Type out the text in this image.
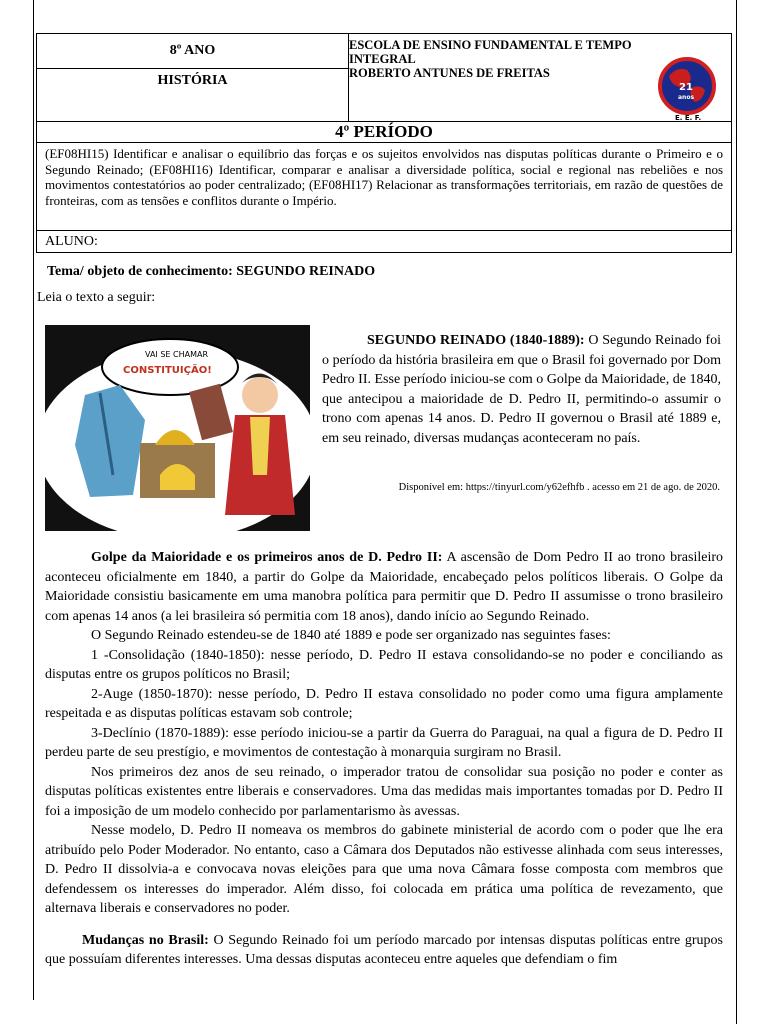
8º ANO
HISTÓRIA

ESCOLA DE ENSINO FUNDAMENTAL E TEMPO INTEGRAL
ROBERTO ANTUNES DE FREITAS
21
anos
E. E. F.

4º PERÍODO
(EF08HI15) Identificar e analisar o equilíbrio das forças e os sujeitos envolvidos nas disputas políticas durante o Primeiro e o Segundo Reinado; (EF08HI16) Identificar, comparar e analisar a diversidade política, social e regional nas rebeliões e nos movimentos contestatórios ao poder centralizado; (EF08HI17) Relacionar as transformações territoriais, em razão de questões de fronteiras, com as tensões e conflitos durante o Império.
ALUNO:
Tema/ objeto de conhecimento: SEGUNDO REINADO
Leia o texto a seguir:
VAI SE CHAMAR
CONSTITUIÇÃO!
SEGUNDO REINADO (1840-1889): O Segundo Reinado foi o período da história brasileira em que o Brasil foi governado por Dom Pedro II. Esse período iniciou-se com o Golpe da Maioridade, de 1840, que antecipou a maioridade de D. Pedro II, permitindo-o assumir o trono com apenas 14 anos. D. Pedro II governou o Brasil até 1889 e, em seu reinado, diversas mudanças aconteceram no país.
Disponível em: https://tinyurl.com/y62efhfb . acesso em 21 de ago. de 2020.

Golpe da Maioridade e os primeiros anos de D. Pedro II: A ascensão de Dom Pedro II ao trono brasileiro aconteceu oficialmente em 1840, a partir do Golpe da Maioridade, encabeçado pelos políticos liberais. O Golpe da Maioridade consistiu basicamente em uma manobra política para permitir que D. Pedro II assumisse o trono brasileiro com apenas 14 anos (a lei brasileira só permitia com 18 anos), dando início ao Segundo Reinado.

O Segundo Reinado estendeu-se de 1840 até 1889 e pode ser organizado nas seguintes fases:

1 -Consolidação (1840-1850): nesse período, D. Pedro II estava consolidando-se no poder e conciliando as disputas entre os grupos políticos no Brasil;

2-Auge (1850-1870): nesse período, D. Pedro II estava consolidado no poder como uma figura amplamente respeitada e as disputas políticas estavam sob controle;

3-Declínio (1870-1889): esse período iniciou-se a partir da Guerra do Paraguai, na qual a figura de D. Pedro II perdeu parte de seu prestígio, e movimentos de contestação à monarquia surgiram no Brasil.

Nos primeiros dez anos de seu reinado, o imperador tratou de consolidar sua posição no poder e conter as disputas políticas existentes entre liberais e conservadores. Uma das medidas mais importantes tomadas por D. Pedro II foi a imposição de um modelo conhecido por parlamentarismo às avessas.

Nesse modelo, D. Pedro II nomeava os membros do gabinete ministerial de acordo com o poder que lhe era atribuído pelo Poder Moderador. No entanto, caso a Câmara dos Deputados não estivesse alinhada com seus interesses, D. Pedro II dissolvia-a e convocava novas eleições para que uma nova Câmara fosse composta com membros que defendessem os interesses do imperador. Além disso, foi colocada em prática uma política de revezamento, que alternava liberais e conservadores no poder.

Mudanças no Brasil: O Segundo Reinado foi um período marcado por intensas disputas políticas entre grupos que possuíam diferentes interesses. Uma dessas disputas aconteceu entre aqueles que defendiam o fim
